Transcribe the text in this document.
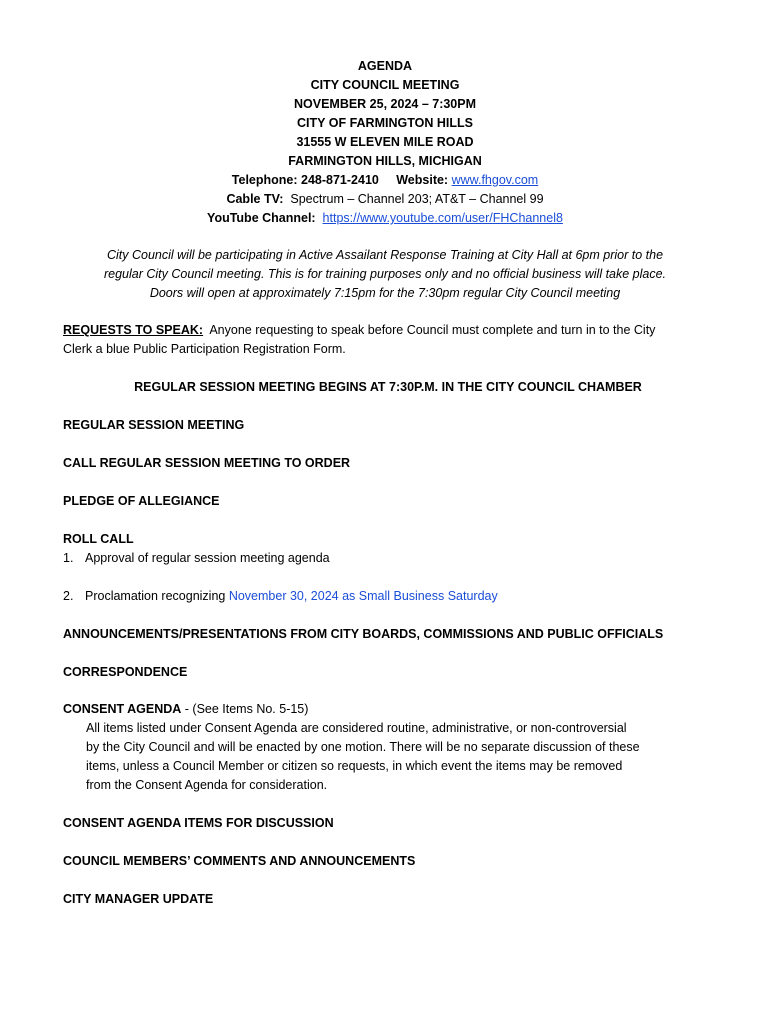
AGENDA
CITY COUNCIL MEETING
NOVEMBER 25, 2024 – 7:30PM
CITY OF FARMINGTON HILLS
31555 W ELEVEN MILE ROAD
FARMINGTON HILLS, MICHIGAN
Telephone: 248-871-2410 Website: www.fhgov.com
Cable TV: Spectrum – Channel 203; AT&T – Channel 99
YouTube Channel: https://www.youtube.com/user/FHChannel8
City Council will be participating in Active Assailant Response Training at City Hall at 6pm prior to the
regular City Council meeting. This is for training purposes only and no official business will take place.
Doors will open at approximately 7:15pm for the 7:30pm regular City Council meeting
REQUESTS TO SPEAK: Anyone requesting to speak before Council must complete and turn in to the City
Clerk a blue Public Participation Registration Form.
REGULAR SESSION MEETING BEGINS AT 7:30P.M. IN THE CITY COUNCIL CHAMBER
REGULAR SESSION MEETING
CALL REGULAR SESSION MEETING TO ORDER
PLEDGE OF ALLEGIANCE
ROLL CALL
1. Approval of regular session meeting agenda
2. Proclamation recognizing November 30, 2024 as Small Business Saturday
ANNOUNCEMENTS/PRESENTATIONS FROM CITY BOARDS, COMMISSIONS AND PUBLIC OFFICIALS
CORRESPONDENCE
CONSENT AGENDA - (See Items No. 5-15)
All items listed under Consent Agenda are considered routine, administrative, or non-controversial
by the City Council and will be enacted by one motion. There will be no separate discussion of these
items, unless a Council Member or citizen so requests, in which event the items may be removed
from the Consent Agenda for consideration.
CONSENT AGENDA ITEMS FOR DISCUSSION
COUNCIL MEMBERS’ COMMENTS AND ANNOUNCEMENTS
CITY MANAGER UPDATE
